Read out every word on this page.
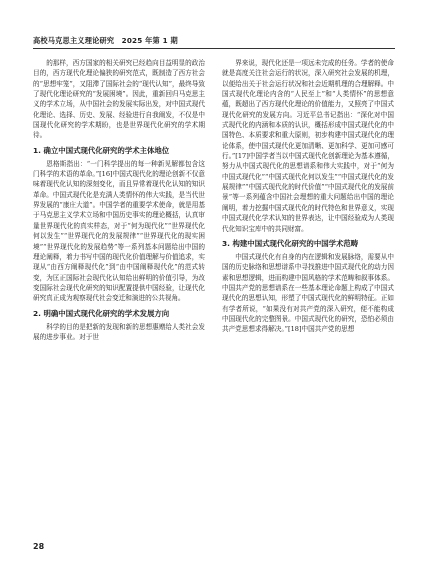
高校马克思主义理论研究　2025 年第 1 期

的那样，西方国家的相关研究已经趋向目益明显的政治目的，西方现代化理论偏狭的研究范式，既制造了西方社会的“思想牢笼”，又阻滞了国际社会的“现代认知”，最终导致了现代化理论研究的“发展困境”。因此，重新回归马克思主义的学术立场，从中国社会的发展实际出发，对中国式现代化理论、选择、历史、发展、经验进行自我阐发，不仅是中国现代化研究的学术期盼，也是世界现代化研究的学术期待。

1. 确立中国式现代化研究的学术主体地位

恩格斯指出：“一门科学提出的每一种新见解都包含这门科学的术语的革命。”[16]中国式现代化的理论创新不仅意味着现代化认知的深刻变化，而且异常着现代化认知的知识革命。中国式现代化是充满人类情怀的伟大实践，是当代世界发展的“康庄大道”。中国学者的重要学术使命，就是用基于马克思主义学术立场和中国历史事实的理论概括，认真审量世界现代化的真实样态，对于“何为现代化”“世界现代化何以发生”“世界现代化的发展规律”“世界现代化的现实困境”“世界现代化的发展趋势”等一系列基本问题给出中国的理论阐释，着力书写中国的现代化价值理解与价值追求，实现从“由西方阐释现代化”到“由中国阐释现代化”的范式转变，为匡正国际社会现代化认知给出鲜明的价值引导，为改变国际社会现代化研究的知识配置提供中国经验，让现代化研究真正成为观察现代社会变迁和演进的公共视角。

2. 明确中国式现代化研究的学术发展方向

科学的目的是把新的发现和新的思想惠赠给人类社会发展的进步事业。对于世

界来说，现代化还是一项远未完成的任务。学者的使命就是高度关注社会运行的状况，深入研究社会发展的机理，以便给出关于社会运行状况和社会近期机理的合理解释。中国式现代化理论内含的“人民至上”和“人类情怀”的思想意蕴，既超出了西方现代化理论的价值能力，又照亮了中国式现代化研究的发展方向。习近平总书记指出：“深化对中国式现代化的内涵和本质的认识，概括形成中国式现代化的中国特色、本质要求和重大原则，初步构建中国式现代化的理论体系，使中国式现代化更加清晰、更加科学、更加可感可行。”[17]中国学者当以中国式现代化创新理论为基本遵循，努力从中国式现代化的思想谱系和伟大实践中，对于“何为中国式现代化”“中国式现代化何以发生”“中国式现代化的发展规律”“中国式现代化的时代价值”“中国式现代化的发展前景”等一系列蕴含中国社会理想的重大问题给出中国的理论阐明，着力挖掘中国式现代化的时代特色和世界意义，实现中国式现代化学术认知的世界表达，让中国经验成为人类现代化知识宝库中的共同财富。

3. 构建中国式现代化研究的中国学术范畴

中国式现代化有自身的内在逻辑和发展脉络，需要从中国的历史脉络和思想谱系中寻找推进中国式现代化的动力因素和思想逻辑，进而构建中国风格的学术范畴和叙事体系。中国共产党的思想谱系在一些基本理论命题上构成了中国式现代化的思想认知，形塑了中国式现代化的鲜明特征。正如有学者所说，“如果没有对共产党的深入研究，便不能构成中国现代化的完整图景。中国式现代化的研究，恐怕必须由共产党思想求得解决。”[18]中国共产党的思想

28
